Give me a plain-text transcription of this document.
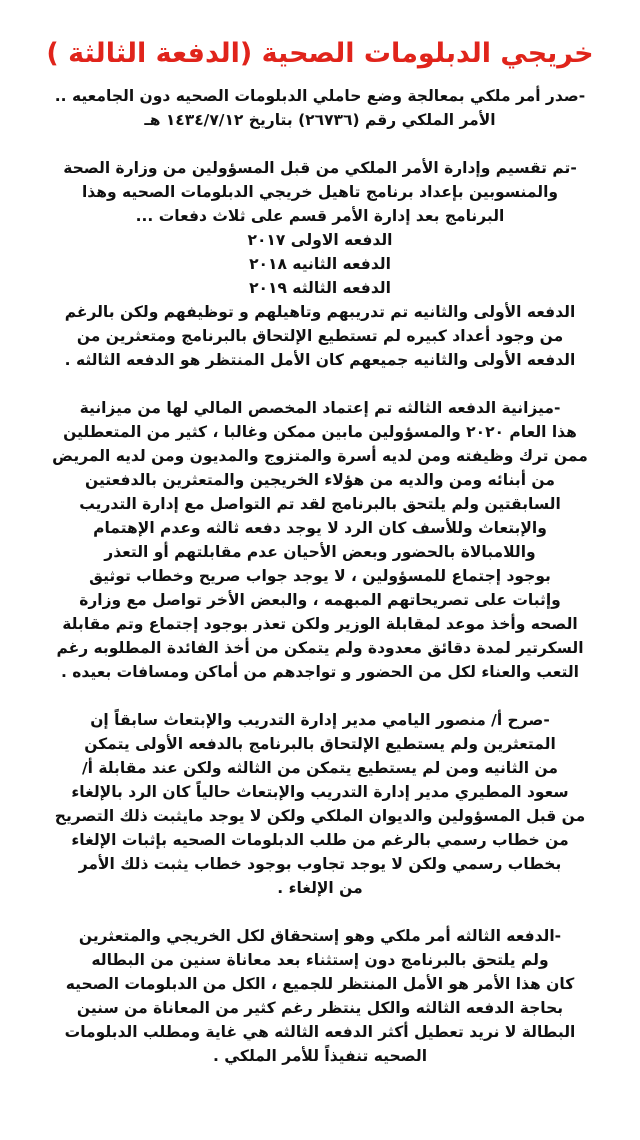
خريجي الدبلومات الصحية (الدفعة الثالثة )
-صدر أمر ملكي بمعالجة وضع حاملي الدبلومات الصحيه دون الجامعيه ..
الأمر الملكي رقم (٢٦٧٣٦) بتاريخ ١٤٣٤/٧/١٢ هـ
-تم تقسيم وإدارة الأمر الملكي من قبل المسؤولين من وزارة الصحة
والمنسوبين بإعداد برنامج تاهيل خريجي الدبلومات الصحيه وهذا
البرنامج بعد إدارة الأمر قسم على ثلاث دفعات ...
الدفعه الاولى ٢٠١٧
الدفعه الثانيه ٢٠١٨
الدفعه الثالثه ٢٠١٩
الدفعه الأولى والثانيه تم تدريبهم وتاهيلهم و توظيفهم ولكن بالرغم
من وجود أعداد كبيره لم تستطيع الإلتحاق بالبرنامج ومتعثرين من
الدفعه الأولى والثانيه جميعهم كان الأمل المنتظر هو الدفعه الثالثه .
-ميزانية الدفعه الثالثه تم إعتماد المخصص المالي لها من ميزانية
هذا العام ٢٠٢٠ والمسؤولين مابين ممكن وغالبا ، كثير من المتعطلين
ممن ترك وظيفته ومن لديه أسرة والمتزوج والمديون ومن لديه المريض
من أبنائه ومن والديه من هؤلاء الخريجين والمتعثرين بالدفعتين
السابقتين ولم يلتحق بالبرنامج لقد تم التواصل مع إدارة التدريب
والإبتعاث وللأسف كان الرد لا يوجد دفعه ثالثه وعدم الإهتمام
واللامبالاة بالحضور وبعض الأحيان عدم مقابلتهم أو التعذر
بوجود إجتماع للمسؤولين ، لا يوجد جواب صريح وخطاب توثيق
وإثبات على تصريحاتهم المبهمه ، والبعض الأخر تواصل مع وزارة
الصحه وأخذ موعد لمقابلة الوزير ولكن تعذر بوجود إجتماع وتم مقابلة
السكرتير لمدة دقائق معدودة ولم يتمكن من أخذ الفائدة المطلوبه رغم
التعب والعناء لكل من الحضور و تواجدهم من أماكن ومسافات بعيده .
-صرح أ/ منصور اليامي مدير إدارة التدريب والإبتعاث سابقاً إن
المتعثرين ولم يستطيع الإلتحاق بالبرنامج بالدفعه الأولى يتمكن
من الثانيه ومن لم يستطيع يتمكن من الثالثه ولكن عند مقابلة أ/
سعود المطيري مدير إدارة التدريب والإبتعاث حالياً كان الرد بالإلغاء
من قبل المسؤولين والديوان الملكي ولكن لا يوجد مايثبت ذلك التصريح
من خطاب رسمي بالرغم من طلب الدبلومات الصحيه بإثبات الإلغاء
بخطاب رسمي ولكن لا يوجد تجاوب بوجود خطاب يثبت ذلك الأمر
من الإلغاء .
-الدفعه الثالثه أمر ملكي وهو إستحقاق لكل الخريجي والمتعثرين
ولم يلتحق بالبرنامج دون إستثناء بعد معاناة سنين من البطاله
كان هذا الأمر هو الأمل المنتظر للجميع ، الكل من الدبلومات الصحيه
بحاجة الدفعه الثالثه والكل ينتظر رغم كثير من المعاناة من سنين
البطالة لا نريد تعطيل أكثر الدفعه الثالثه هي غاية ومطلب الدبلومات
الصحيه تنفيذاً للأمر الملكي .
